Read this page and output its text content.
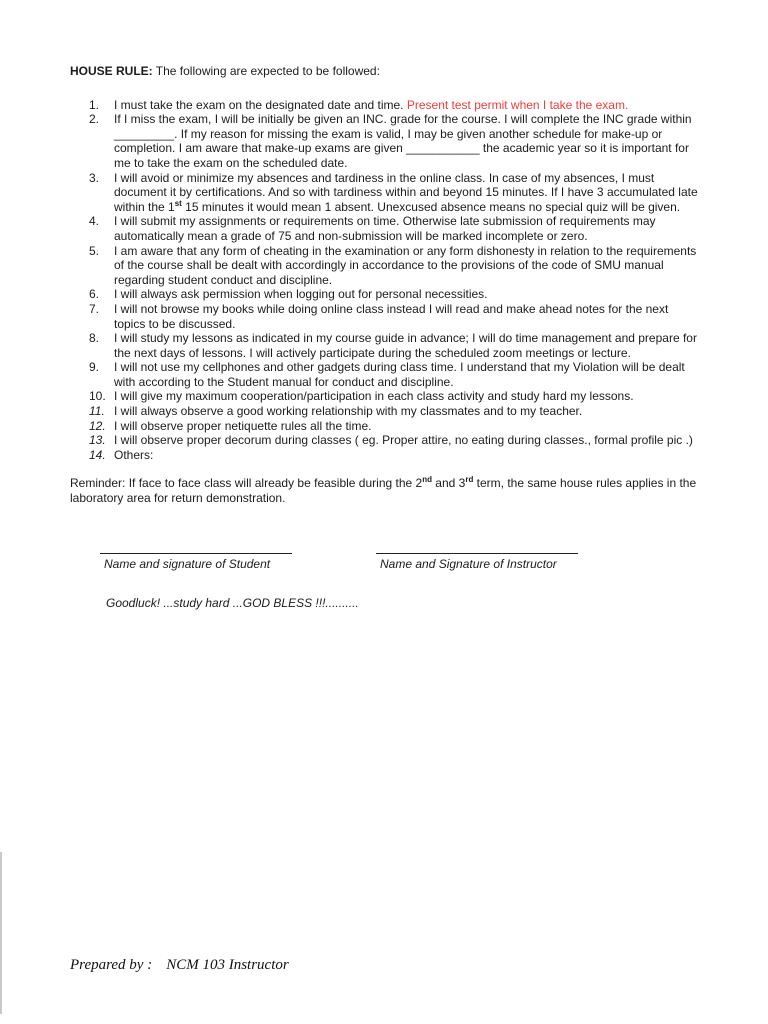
HOUSE RULE: The following are expected to be followed:

1.	I must take the exam on the designated date and time. Present test permit when I take the exam.
2.	If I miss the exam, I will be initially be given an INC. grade for the course. I will complete the INC grade within _________. If my reason for missing the exam is valid, I may be given another schedule for make-up or completion. I am aware that make-up exams are given ___________ the academic year so it is important for me to take the exam on the scheduled date.
3.	I will avoid or minimize my absences and tardiness in the online class. In case of my absences, I must document it by certifications. And so with tardiness within and beyond 15 minutes. If I have 3 accumulated late within the 1st 15 minutes it would mean 1 absent. Unexcused absence means no special quiz will be given.
4.	I will submit my assignments or requirements on time. Otherwise late submission of requirements may automatically mean a grade of 75 and non-submission will be marked incomplete or zero.
5.	I am aware that any form of cheating in the examination or any form dishonesty in relation to the requirements of the course shall be dealt with accordingly in accordance to the provisions of the code of SMU manual regarding student conduct and discipline.
6.	I will always ask permission when logging out for personal necessities.
7.	I will not browse my books while doing online class instead I will read and make ahead notes for the next topics to be discussed.
8.	I will study my lessons as indicated in my course guide in advance; I will do time management and prepare for the next days of lessons. I will actively participate during the scheduled zoom meetings or lecture.
9.	I will not use my cellphones and other gadgets during class time. I understand that my Violation will be dealt with according to the Student manual for conduct and discipline.
10. I will give my maximum cooperation/participation in each class activity and study hard my lessons.
11. I will always observe a good working relationship with my classmates and to my teacher.
12. I will observe proper netiquette rules all the time.
13. I will observe proper decorum during classes ( eg. Proper attire, no eating during classes., formal profile pic .)
14. Others:

Reminder: If face to face class will already be feasible during the 2nd and 3rd term, the same house rules applies in the laboratory area for return demonstration.

Name and signature of Student	Name and Signature of Instructor

Goodluck! ...study hard ...GOD BLESS !!!..........

Prepared by : NCM 103 Instructor
